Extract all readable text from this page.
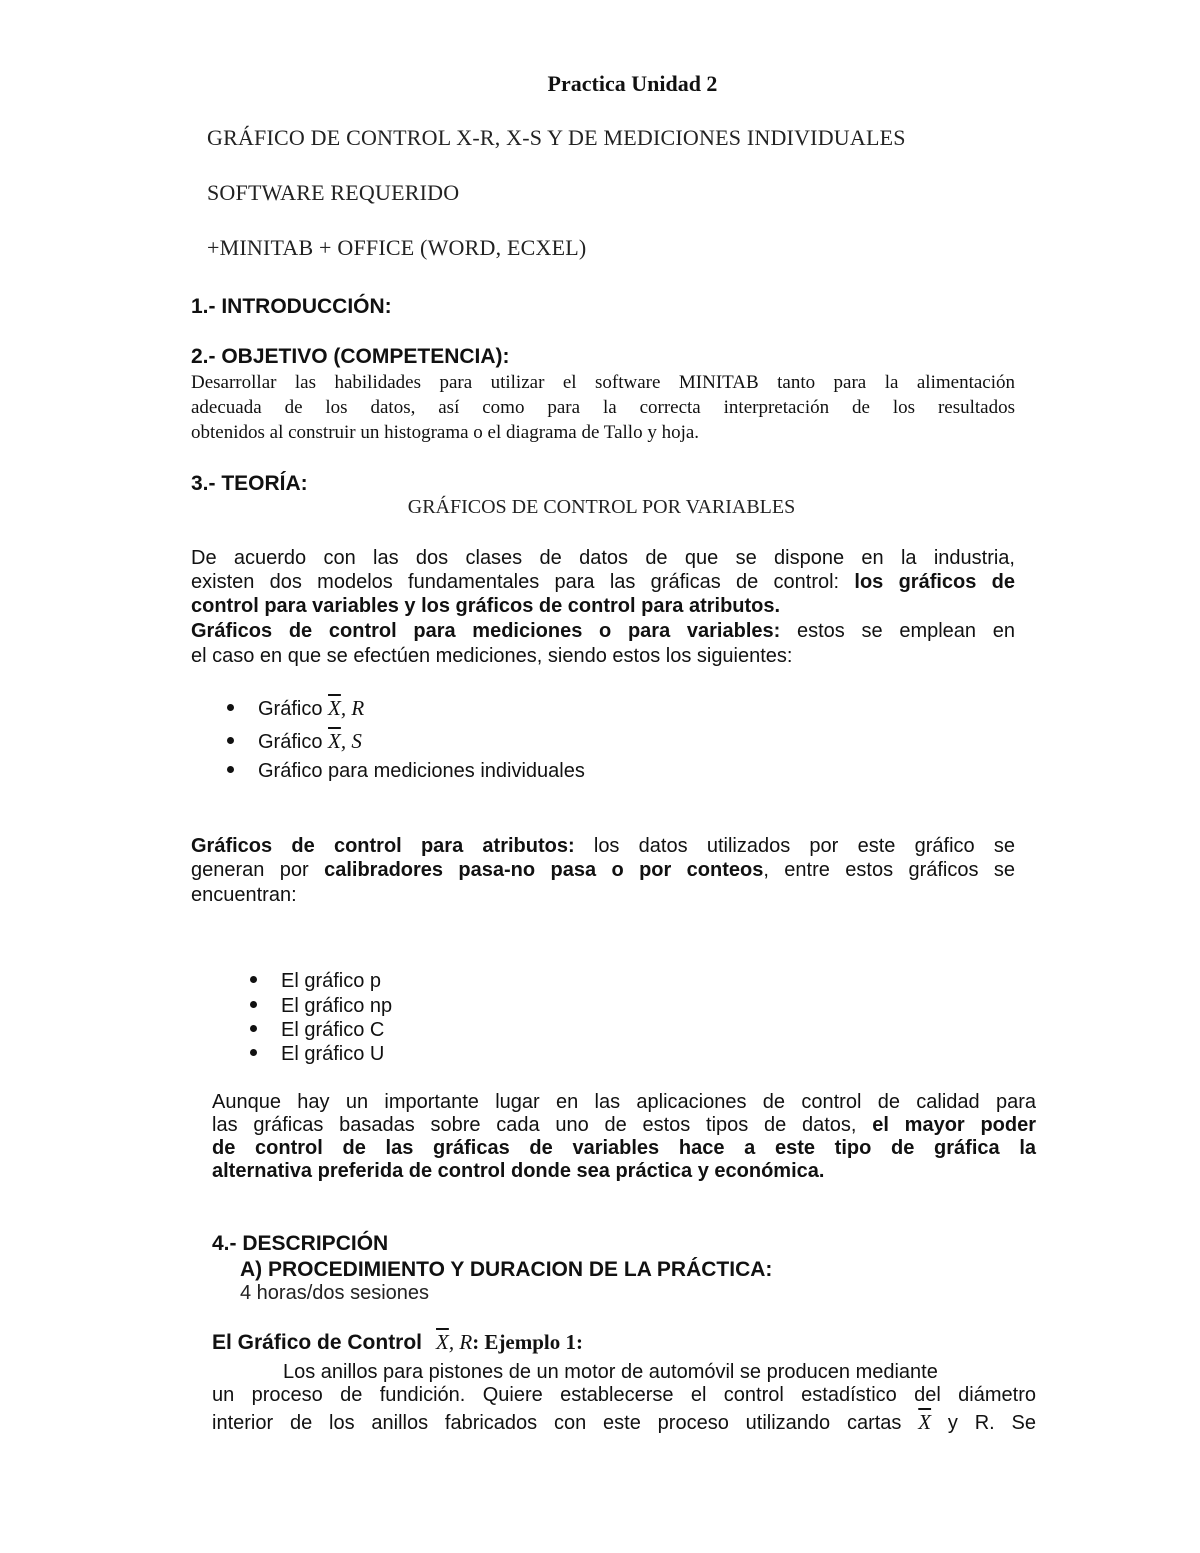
Practica Unidad 2
GRÁFICO DE CONTROL X-R, X-S Y DE MEDICIONES INDIVIDUALES
SOFTWARE REQUERIDO
+MINITAB + OFFICE (WORD, ECXEL)
1.- INTRODUCCIÓN:
2.- OBJETIVO (COMPETENCIA):
Desarrollar las habilidades para utilizar el software MINITAB tanto para la alimentación
adecuada de los datos, así como para la correcta interpretación de los resultados
obtenidos al construir un histograma o el diagrama de Tallo y hoja.
3.- TEORÍA:
GRÁFICOS DE CONTROL POR VARIABLES
De acuerdo con las dos clases de datos de que se dispone en la industria,
existen dos modelos fundamentales para las gráficas de control: los gráficos de
control para variables y los gráficos de control para atributos.
Gráficos de control para mediciones o para variables: estos se emplean en
el caso en que se efectúen mediciones, siendo estos los siguientes:
Gráfico $\overline{X}$, R
Gráfico $\overline{X}$, S
Gráfico para mediciones individuales
Gráficos de control para atributos: los datos utilizados por este gráfico se
generan por calibradores pasa-no pasa o por conteos, entre estos gráficos se
encuentran:
El gráfico p
El gráfico np
El gráfico C
El gráfico U
Aunque hay un importante lugar en las aplicaciones de control de calidad para
las gráficas basadas sobre cada uno de estos tipos de datos, el mayor poder
de control de las gráficas de variables hace a este tipo de gráfica la
alternativa preferida de control donde sea práctica y económica.
4.- DESCRIPCIÓN
A) PROCEDIMIENTO Y DURACION DE LA PRÁCTICA:
4 horas/dos sesiones
El Gráfico de Control $\overline{X}$, R: Ejemplo 1:
Los anillos para pistones de un motor de automóvil se producen mediante
un proceso de fundición. Quiere establecerse el control estadístico del diámetro
interior de los anillos fabricados con este proceso utilizando cartas $\overline{X}$ y R. Se
